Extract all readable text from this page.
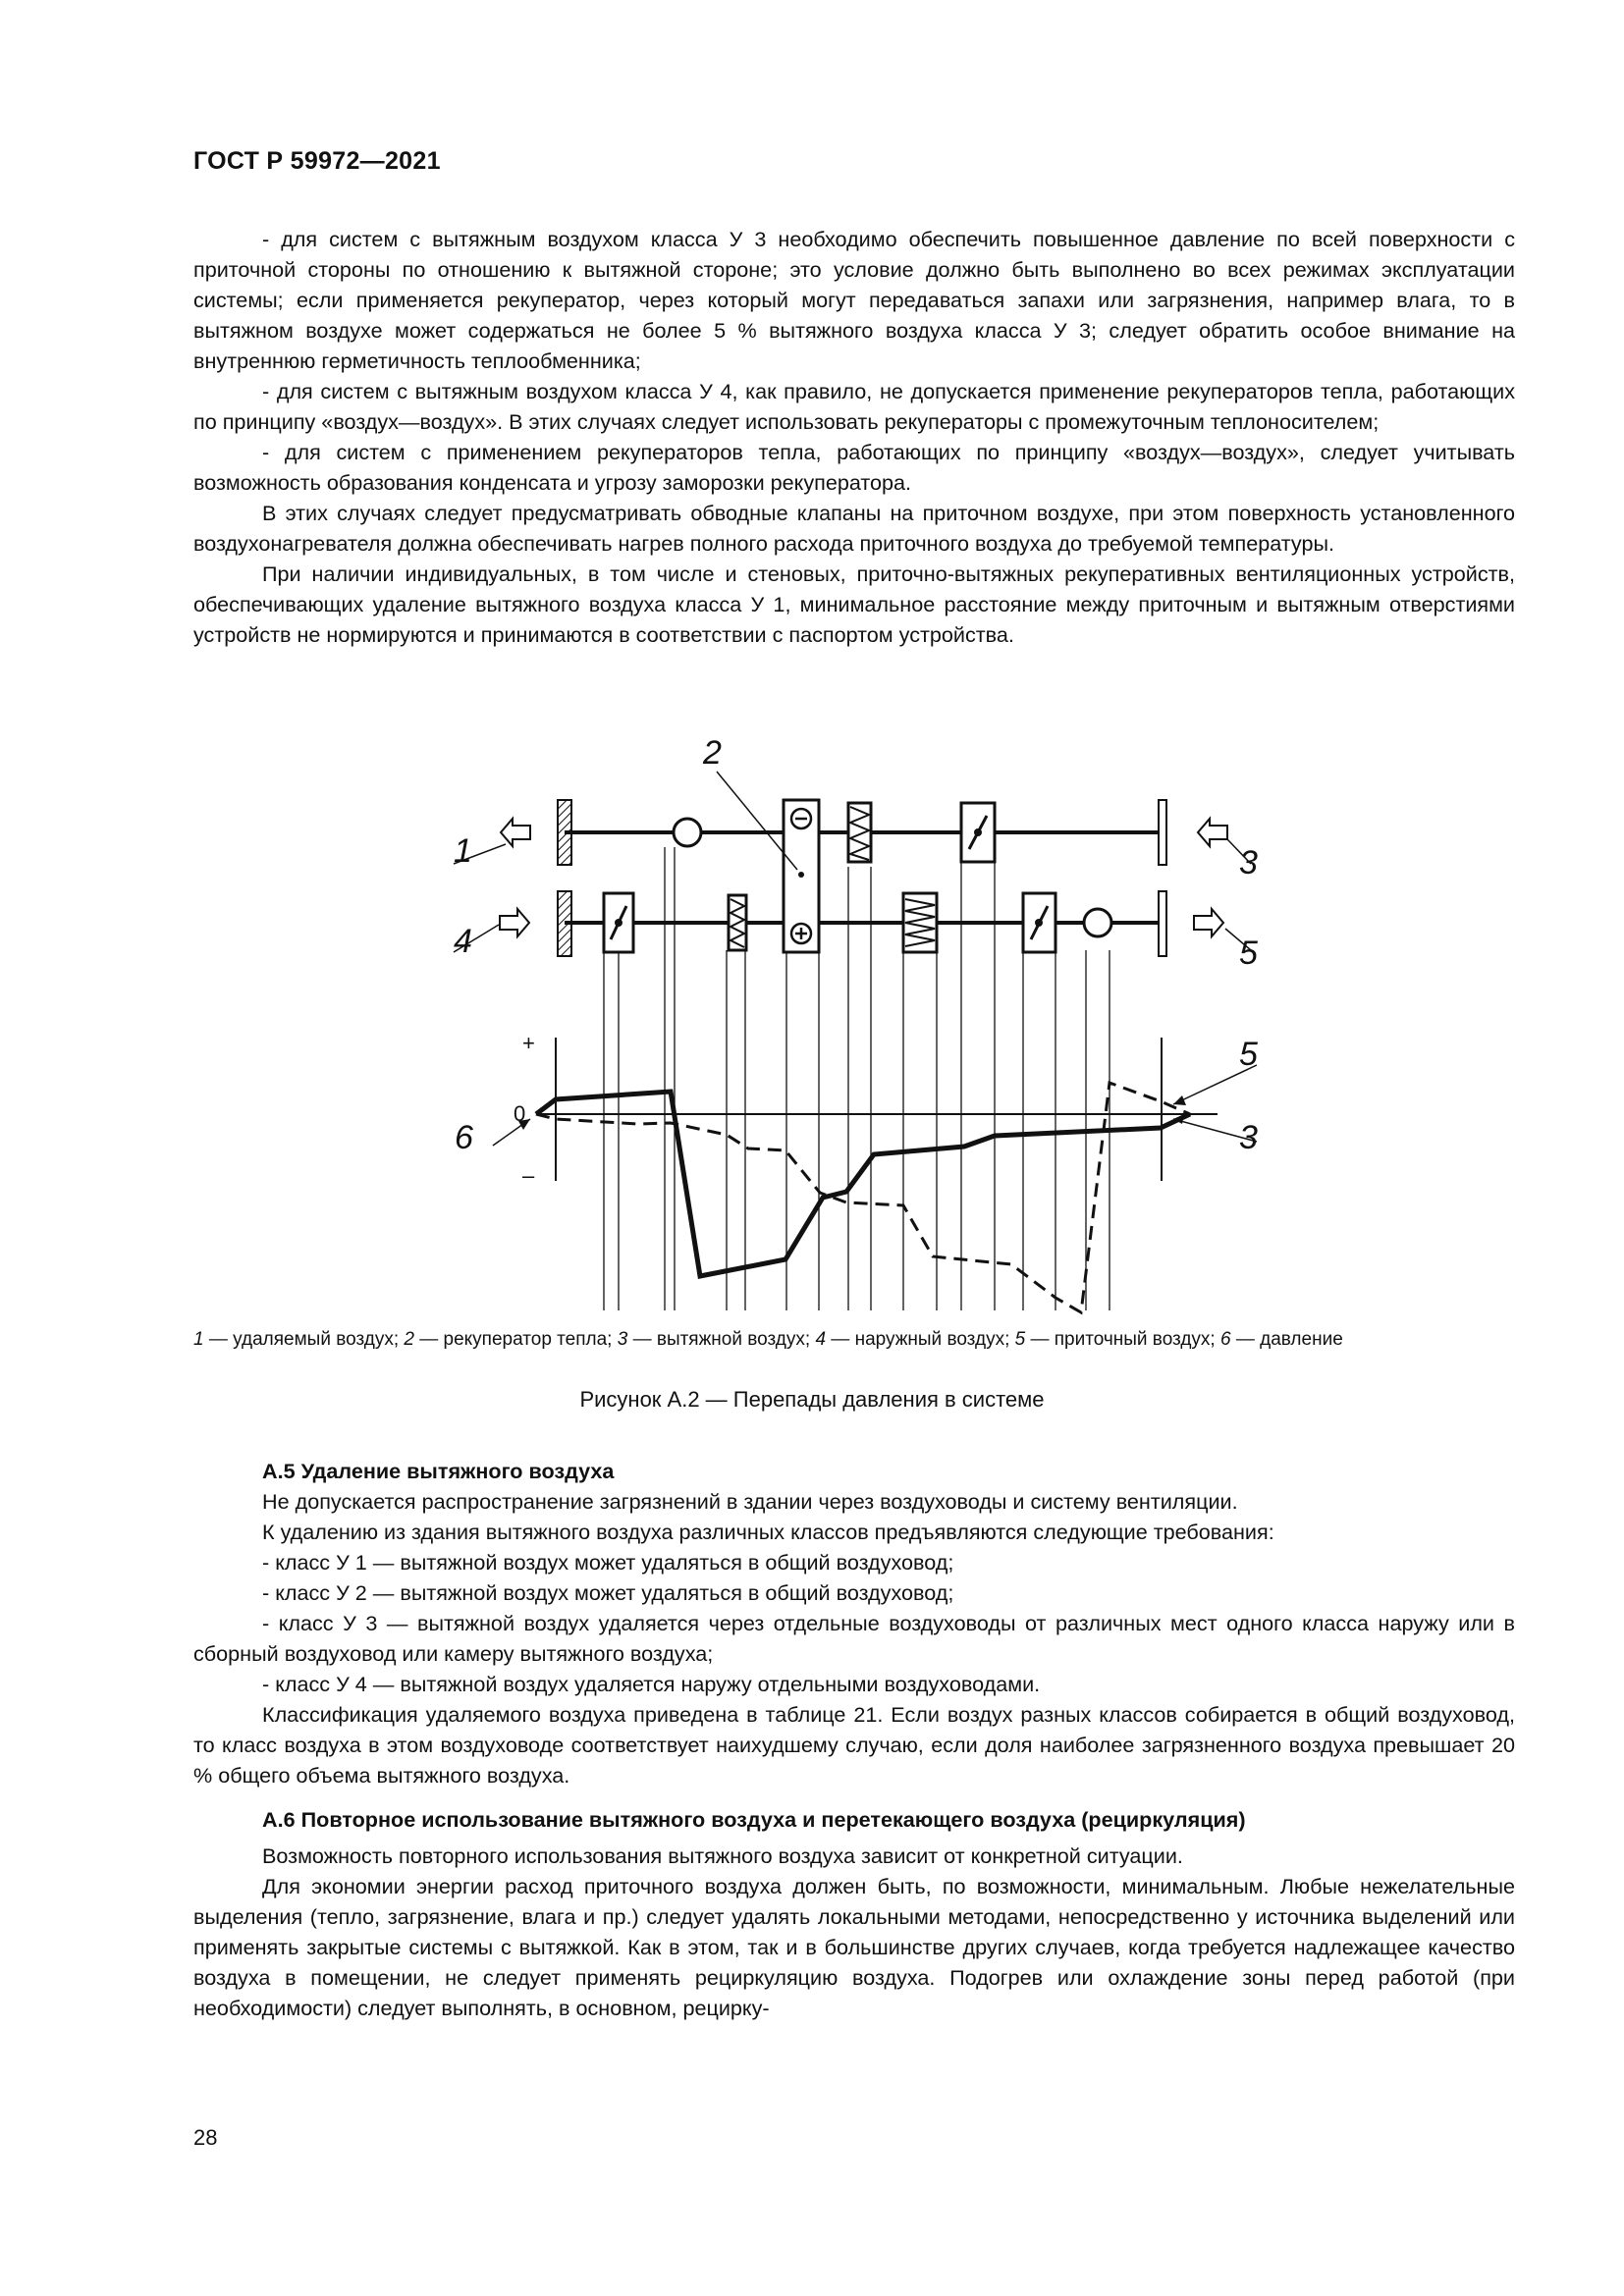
ГОСТ Р 59972—2021

- для систем с вытяжным воздухом класса У 3 необходимо обеспечить повышенное давление по всей поверхности с приточной стороны по отношению к вытяжной стороне; это условие должно быть выполнено во всех режимах эксплуатации системы; если применяется рекуператор, через который могут передаваться запахи или загрязнения, например влага, то в вытяжном воздухе может содержаться не более 5 % вытяжного воздуха класса У 3; следует обратить особое внимание на внутреннюю герметичность теплообменника;

- для систем с вытяжным воздухом класса У 4, как правило, не допускается применение рекуператоров тепла, работающих по принципу «воздух—воздух». В этих случаях следует использовать рекуператоры с промежуточным теплоносителем;

- для систем с применением рекуператоров тепла, работающих по принципу «воздух—воздух», следует учитывать возможность образования конденсата и угрозу заморозки рекуператора.

В этих случаях следует предусматривать обводные клапаны на приточном воздухе, при этом поверхность установленного воздухонагревателя должна обеспечивать нагрев полного расхода приточного воздуха до требуемой температуры.

При наличии индивидуальных, в том числе и стеновых, приточно-вытяжных рекуперативных вентиляционных устройств, обеспечивающих удаление вытяжного воздуха класса У 1, минимальное расстояние между приточным и вытяжным отверстиями устройств не нормируются и принимаются в соответствии с паспортом устройства.

1
2
3
4	5
5
3
6
+
0
–
1 — удаляемый воздух; 2 — рекуператор тепла; 3 — вытяжной воздух; 4 — наружный воздух; 5 — приточный воздух; 6 — давление
Рисунок А.2 — Перепады давления в системе

А.5 Удаление вытяжного воздуха

Не допускается распространение загрязнений в здании через воздуховоды и систему вентиляции.

К удалению из здания вытяжного воздуха различных классов предъявляются следующие требования:

- класс У 1 — вытяжной воздух может удаляться в общий воздуховод;

- класс У 2 — вытяжной воздух может удаляться в общий воздуховод;

- класс У 3 — вытяжной воздух удаляется через отдельные воздуховоды от различных мест одного класса наружу или в сборный воздуховод или камеру вытяжного воздуха;

- класс У 4 — вытяжной воздух удаляется наружу отдельными воздуховодами.

Классификация удаляемого воздуха приведена в таблице 21. Если воздух разных классов собирается в общий воздуховод, то класс воздуха в этом воздуховоде соответствует наихудшему случаю, если доля наиболее загрязненного воздуха превышает 20 % общего объема вытяжного воздуха.

А.6 Повторное использование вытяжного воздуха и перетекающего воздуха (рециркуляция)

Возможность повторного использования вытяжного воздуха зависит от конкретной ситуации.

Для экономии энергии расход приточного воздуха должен быть, по возможности, минимальным. Любые нежелательные выделения (тепло, загрязнение, влага и пр.) следует удалять локальными методами, непосредственно у источника выделений или применять закрытые системы с вытяжкой. Как в этом, так и в большинстве других случаев, когда требуется надлежащее качество воздуха в помещении, не следует применять рециркуляцию воздуха. Подогрев или охлаждение зоны перед работой (при необходимости) следует выполнять, в основном, рецирку-

28
